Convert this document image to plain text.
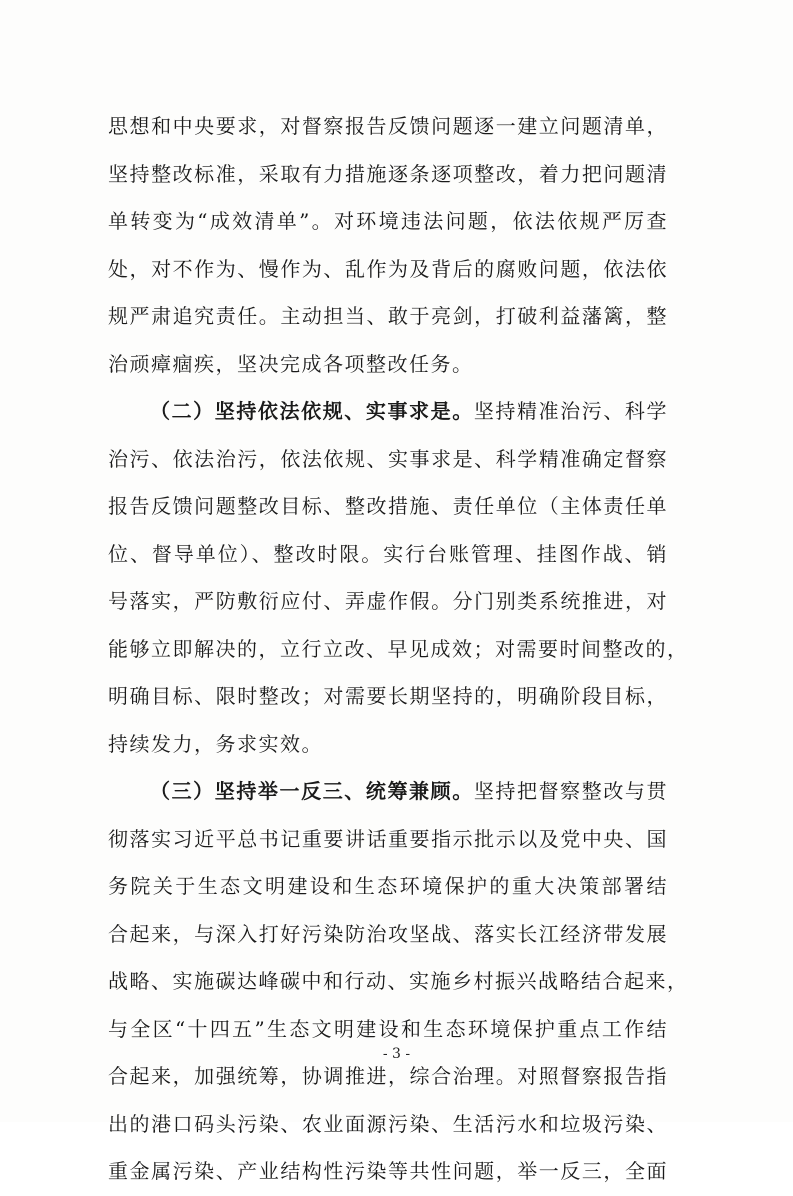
思想和中央要求，对督察报告反馈问题逐一建立问题清单，
坚持整改标准，采取有力措施逐条逐项整改，着力把问题清
单转变为“成效清单”。对环境违法问题，依法依规严厉查
处，对不作为、慢作为、乱作为及背后的腐败问题，依法依
规严肃追究责任。主动担当、敢于亮剑，打破利益藩篱，整
治顽瘴痼疾，坚决完成各项整改任务。
（二）坚持依法依规、实事求是。坚持精准治污、科学
治污、依法治污，依法依规、实事求是、科学精准确定督察
报告反馈问题整改目标、整改措施、责任单位（主体责任单
位、督导单位）、整改时限。实行台账管理、挂图作战、销
号落实，严防敷衍应付、弄虚作假。分门别类系统推进，对
能够立即解决的，立行立改、早见成效；对需要时间整改的，
明确目标、限时整改；对需要长期坚持的，明确阶段目标，
持续发力，务求实效。
（三）坚持举一反三、统筹兼顾。坚持把督察整改与贯
彻落实习近平总书记重要讲话重要指示批示以及党中央、国
务院关于生态文明建设和生态环境保护的重大决策部署结
合起来，与深入打好污染防治攻坚战、落实长江经济带发展
战略、实施碳达峰碳中和行动、实施乡村振兴战略结合起来，
与全区“十四五”生态文明建设和生态环境保护重点工作结
合起来，加强统筹，协调推进，综合治理。对照督察报告指
出的港口码头污染、农业面源污染、生活污水和垃圾污染、
重金属污染、产业结构性污染等共性问题，举一反三，全面
- 3 -
